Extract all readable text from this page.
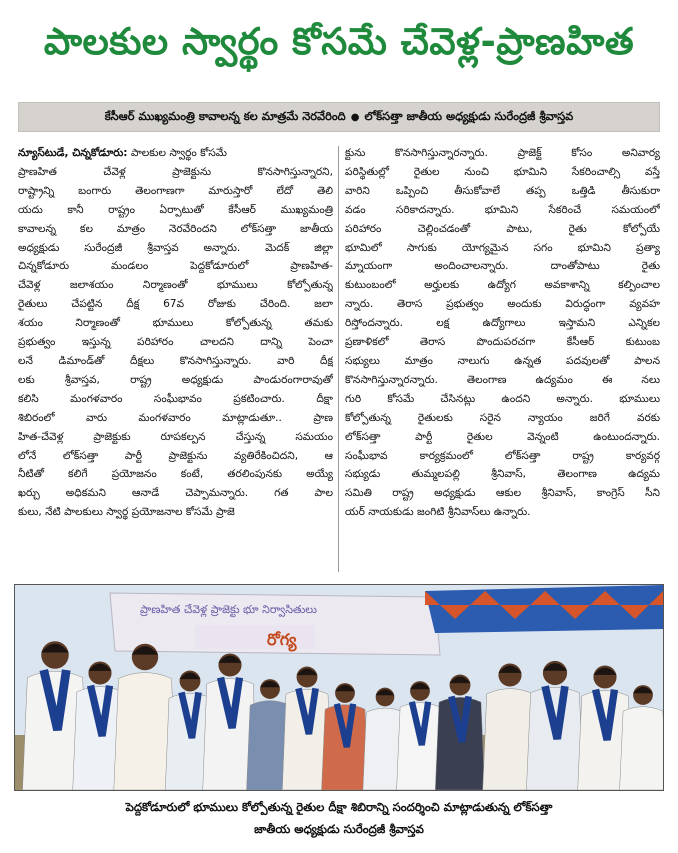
పాలకుల స్వార్థం కోసమే చేవెళ్ల-ప్రాణహిత
కేసీఆర్ ముఖ్యమంత్రి కావాలన్న కల మాత్రమే నెరవేరింది ● లోక్‌సత్తా జాతీయ అధ్యక్షుడు సురేంద్రజీ శ్రీవాస్తవ
న్యూస్‌టుడే, చిన్నకోడూరు: పాలకుల స్వార్థం కోసమే
ప్రాణహిత చేవెళ్ల ప్రాజెక్టును కొనసాగిస్తున్నారని,
రాష్ట్రాన్ని బంగారు తెలంగాణగా మారుస్తారో లేదో తెలి
యదు కానీ రాష్ట్రం ఏర్పాటుతో కేసీఆర్ ముఖ్యమంత్రి
కావాలన్న కల మాత్రం నెరవేరిందని లోక్‌సత్తా జాతీయ
అధ్యక్షుడు సురేంద్రజీ శ్రీవాస్తవ అన్నారు. మెదక్ జిల్లా
చిన్నకోడూరు మండలం పెద్దకోడూరులో ప్రాణహిత-
చేవెళ్ల జలాశయం నిర్మాణంతో భూములు కోల్పోతున్న
రైతులు చేపట్టిన దీక్ష 67వ రోజుకు చేరింది. జలా
శయం నిర్మాణంతో భూములు కోల్పోతున్న తమకు
ప్రభుత్వం ఇస్తున్న పరిహారం చాలదని దాన్ని పెంచా
లనే డిమాండ్‌తో దీక్షలు కొనసాగిస్తున్నారు. వారి దీక్ష
లకు శ్రీవాస్తవ, రాష్ట్ర అధ్యక్షుడు పాండురంగారావుతో
కలిసి మంగళవారం సంఘీభావం ప్రకటించారు. దీక్షా
శిబిరంలో వారు మంగళవారం మాట్లాడుతూ.. ప్రాణ
హిత-చేవెళ్ల ప్రాజెక్టుకు రూపకల్పన చేస్తున్న సమయం
లోనే లోక్‌సత్తా పార్టీ ప్రాజెక్టును వ్యతిరేకించిదని, ఆ
నీటితో కలిగే ప్రయోజనం కంటే, తరలింపునకు అయ్యే
ఖర్చు అధికమని ఆనాడే చెప్పామన్నారు. గత పాల
కులు, నేటి పాలకులు స్వార్థ ప్రయోజనాల కోసమే ప్రాజె
క్టును కొనసాగిస్తున్నారన్నారు. ప్రాజెక్ట్ కోసం అనివార్య
పరిస్థితుల్లో రైతుల నుంచి భూమిని సేకరించాల్సి వస్తే
వారిని ఒప్పించి తీసుకోవాలే తప్ప ఒత్తిడి తీసుకురా
వడం సరికాదన్నారు. భూమిని సేకరించే సమయంలో
పరిహారం చెల్లించడంతో పాటు, రైతు కోల్పోయే
భూమిలో సాగుకు యోగ్యమైన సగం భూమిని ప్రత్యా
మ్నాయంగా అందించాలన్నారు. దాంతోపాటు రైతు
కుటుంబంలో అర్హులకు ఉద్యోగ అవకాశాన్ని కల్పించాల
న్నారు. తెరాస ప్రభుత్వం అందుకు విరుద్ధంగా వ్యవహ
రిస్తోందన్నారు. లక్ష ఉద్యోగాలు ఇస్తామని ఎన్నికల
ప్రణాళికలో తెరాస పొందుపరచగా కేసీఆర్ కుటుంబ
సభ్యులు మాత్రం నాలుగు ఉన్నత పదవులతో పాలన
కొనసాగిస్తున్నారన్నారు. తెలంగాణ ఉద్యమం ఈ నలు
గురి కోసమే చేసినట్లు ఉందని అన్నారు. భూములు
కోల్పోతున్న రైతులకు సరైన న్యాయం జరిగే వరకు
లోక్‌సత్తా పార్టీ రైతుల వెన్నంటి ఉంటుందన్నారు.
సంఘీభావ కార్యక్రమంలో లోక్‌సత్తా రాష్ట్ర కార్యవర్గ
సభ్యుడు తుమ్మలపల్లి శ్రీనివాస్, తెలంగాణ ఉద్యమ
సమితి రాష్ట్ర అధ్యక్షుడు ఆకుల శ్రీనివాస్, కాంగ్రెస్ సీని
యర్ నాయకుడు జంగిటి శ్రీనివాస్‌లు ఉన్నారు.
ప్రాణహిత చేవెళ్ల ప్రాజెక్టు భూ నిర్వాసితులు
రోగ్య
పెద్దకోడూరులో భూములు కోల్పోతున్న రైతుల దీక్షా శిబిరాన్ని సందర్శించి మాట్లాడుతున్న లోక్‌సత్తా
జాతీయ అధ్యక్షుడు సురేంద్రజీ శ్రీవాస్తవ
